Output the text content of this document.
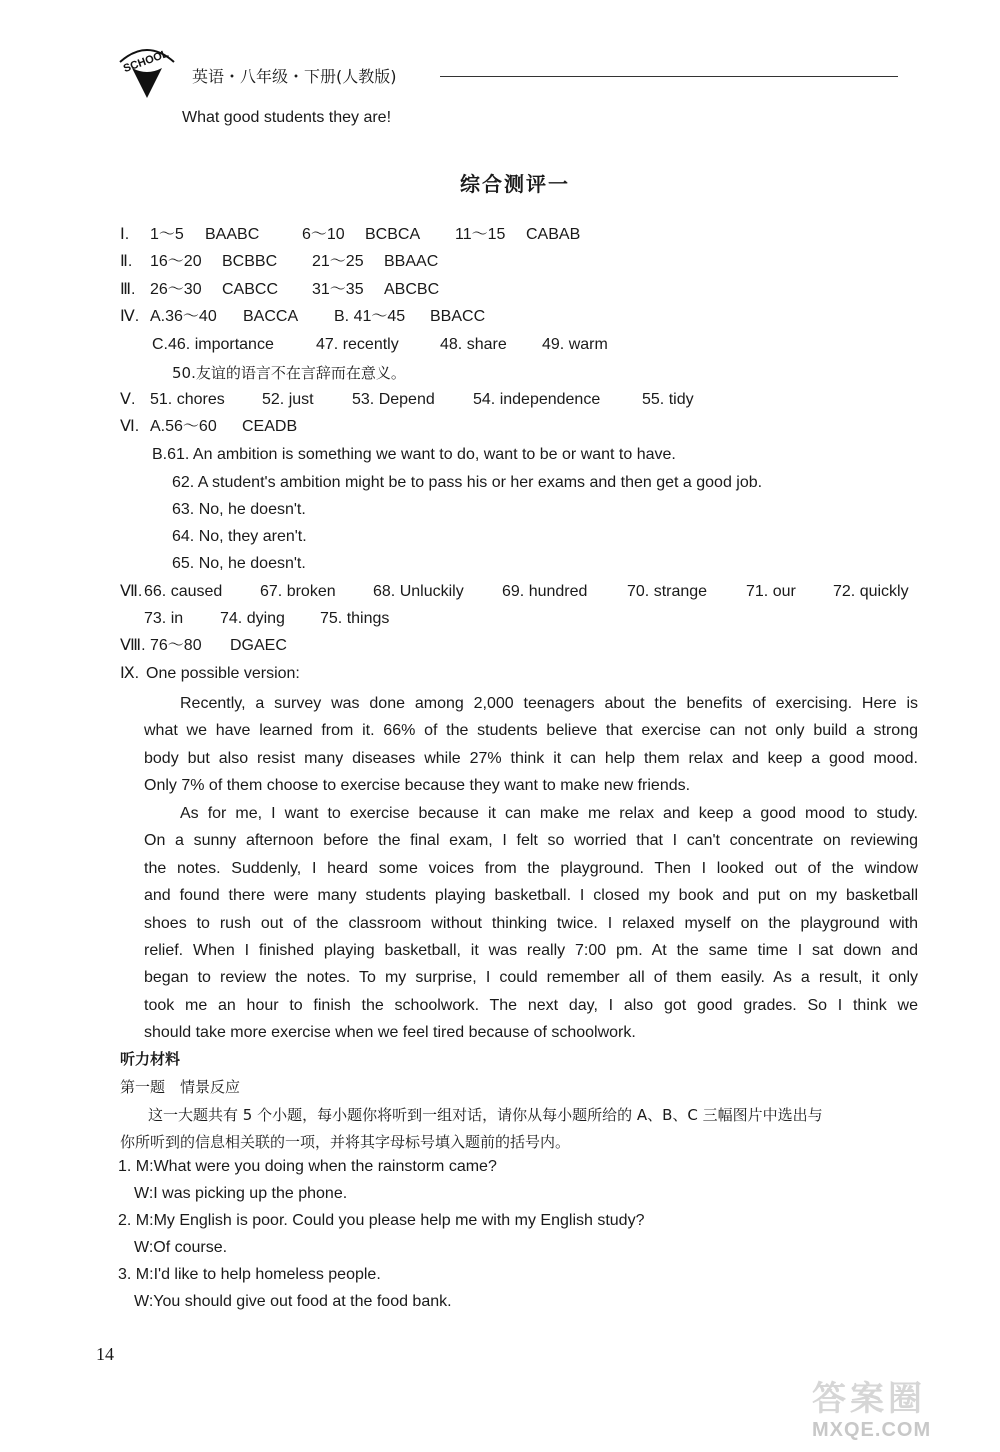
SCHOOL
英语・八年级・下册(人教版)
What good students they are!
综合测评一
Ⅰ. 1～5 BAABC	6～10 BCBCA 11～15 CABAB
Ⅱ. 16～20 BCBBC 21～25 BBAAC
Ⅲ. 26～30 CABCC 31～35 ABCBC
Ⅳ. A.36～40 BACCA B. 41～45 BBACC
C.46. importance	47. recently	48. share 49. warm
50.友谊的语言不在言辞而在意义。
Ⅴ. 51. chores 52. just 53. Depend 54. independence	55. tidy
Ⅵ. A.56～60 CEADB
B.61. An ambition is something we want to do, want to be or want to have.
62. A student's ambition might be to pass his or her exams and then get a good job.
63. No, he doesn't.
64. No, they aren't.
65. No, he doesn't.
Ⅶ. 66. caused 67. broken 68. Unluckily 69. hundred 70. strange 71. our 72. quickly
73. in 74. dying 75. things
Ⅷ. 76～80 DGAEC
Ⅸ. One possible version:
Recently, a survey was done among 2,000 teenagers about the benefits of exercising. Here is
what we have learned from it. 66% of the students believe that exercise can not only build a strong
body but also resist many diseases while 27% think it can help them relax and keep a good mood.
Only 7% of them choose to exercise because they want to make new friends.
As for me, I want to exercise because it can make me relax and keep a good mood to study.
On a sunny afternoon before the final exam, I felt so worried that I can't concentrate on reviewing
the notes. Suddenly, I heard some voices from the playground. Then I looked out of the window
and found there were many students playing basketball. I closed my book and put on my basketball
shoes to rush out of the classroom without thinking twice. I relaxed myself on the playground with
relief. When I finished playing basketball, it was really 7:00 pm. At the same time I sat down and
began to review the notes. To my surprise, I could remember all of them easily. As a result, it only
took me an hour to finish the schoolwork. The next day, I also got good grades. So I think we
should take more exercise when we feel tired because of schoolwork.
听力材料
第一题　情景反应
这一大题共有 5 个小题，每小题你将听到一组对话，请你从每小题所给的 A、B、C 三幅图片中选出与
你所听到的信息相关联的一项，并将其字母标号填入题前的括号内。
1. M:What were you doing when the rainstorm came?
W:I was picking up the phone.
2. M:My English is poor. Could you please help me with my English study?
W:Of course.
3. M:I'd like to help homeless people.
W:You should give out food at the food bank.
14
答案圈
MXQE.COM
